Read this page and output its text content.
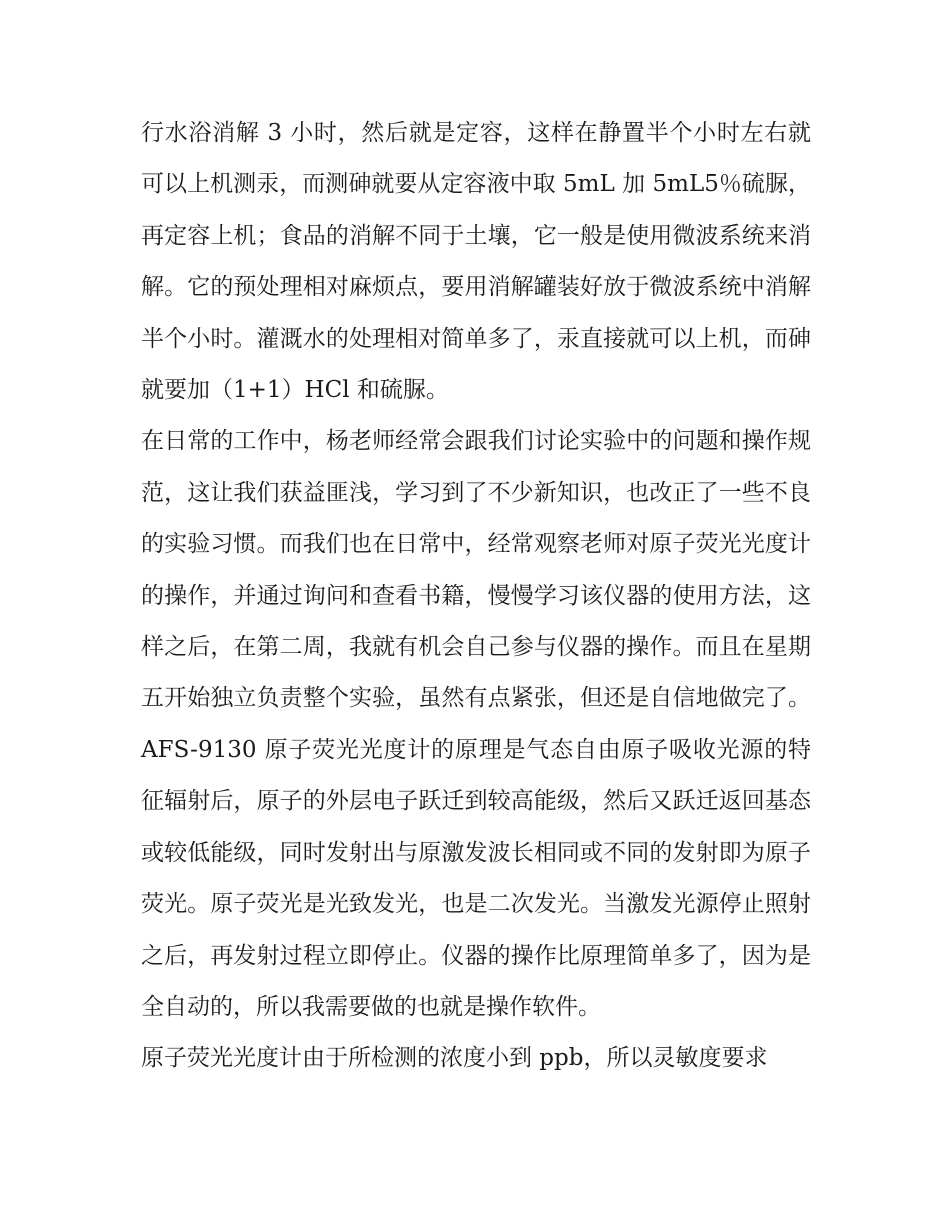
行水浴消解 3 小时，然后就是定容，这样在静置半个小时左右就可以上机测汞，而测砷就要从定容液中取 5mL 加 5mL5％硫脲，再定容上机；食品的消解不同于土壤，它一般是使用微波系统来消解。它的预处理相对麻烦点，要用消解罐装好放于微波系统中消解半个小时。灌溉水的处理相对简单多了，汞直接就可以上机，而砷就要加（1+1）HCl 和硫脲。

在日常的工作中，杨老师经常会跟我们讨论实验中的问题和操作规范，这让我们获益匪浅，学习到了不少新知识，也改正了一些不良的实验习惯。而我们也在日常中，经常观察老师对原子荧光光度计的操作，并通过询问和查看书籍，慢慢学习该仪器的使用方法，这样之后，在第二周，我就有机会自己参与仪器的操作。而且在星期五开始独立负责整个实验，虽然有点紧张，但还是自信地做完了。AFS-9130 原子荧光光度计的原理是气态自由原子吸收光源的特征辐射后，原子的外层电子跃迁到较高能级，然后又跃迁返回基态或较低能级，同时发射出与原激发波长相同或不同的发射即为原子荧光。原子荧光是光致发光，也是二次发光。当激发光源停止照射之后，再发射过程立即停止。仪器的操作比原理简单多了，因为是全自动的，所以我需要做的也就是操作软件。

原子荧光光度计由于所检测的浓度小到 ppb，所以灵敏度要求
